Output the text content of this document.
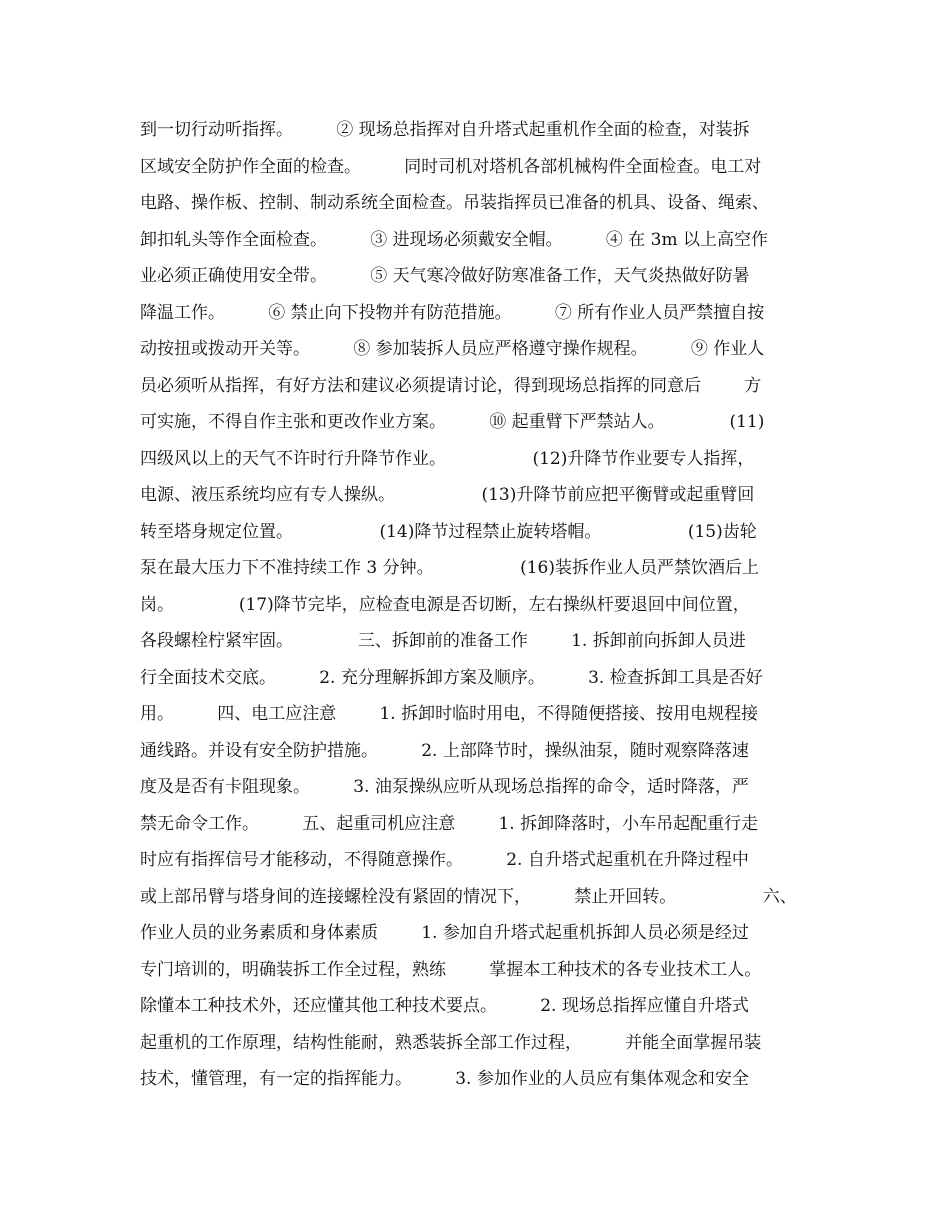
到一切行动听指挥。        ② 现场总指挥对自升塔式起重机作全面的检查，对装拆
区域安全防护作全面的检查。        同时司机对塔机各部机械构件全面检查。电工对
电路、操作板、控制、制动系统全面检查。吊装指挥员已准备的机具、设备、绳索、
卸扣轧头等作全面检查。        ③ 进现场必须戴安全帽。        ④ 在 3m 以上高空作
业必须正确使用安全带。        ⑤ 天气寒冷做好防寒准备工作，天气炎热做好防暑
降温工作。        ⑥ 禁止向下投物并有防范措施。        ⑦ 所有作业人员严禁擅自按
动按扭或拨动开关等。        ⑧ 参加装拆人员应严格遵守操作规程。        ⑨ 作业人
员必须听从指挥，有好方法和建议必须提请讨论，得到现场总指挥的同意后        方
可实施，不得自作主张和更改作业方案。        ⑩ 起重臂下严禁站人。            (11)
四级风以上的天气不许时行升降节作业。                (12)升降节作业要专人指挥，
电源、液压系统均应有专人操纵。                (13)升降节前应把平衡臂或起重臂回
转至塔身规定位置。                (14)降节过程禁止旋转塔帽。                (15)齿轮
泵在最大压力下不准持续工作 3 分钟。                (16)装拆作业人员严禁饮酒后上
岗。            (17)降节完毕，应检查电源是否切断，左右操纵杆要退回中间位置，
各段螺栓柠紧牢固。            三、拆卸前的准备工作        1. 拆卸前向拆卸人员进
行全面技术交底。        2. 充分理解拆卸方案及顺序。        3. 检查拆卸工具是否好
用。        四、电工应注意        1. 拆卸时临时用电，不得随便搭接、按用电规程接
通线路。并设有安全防护措施。        2. 上部降节时，操纵油泵，随时观察降落速
度及是否有卡阻现象。        3. 油泵操纵应听从现场总指挥的命令，适时降落，严
禁无命令工作。        五、起重司机应注意        1. 拆卸降落时，小车吊起配重行走
时应有指挥信号才能移动，不得随意操作。        2. 自升塔式起重机在升降过程中
或上部吊臂与塔身间的连接螺栓没有紧固的情况下，        禁止开回转。                六、
作业人员的业务素质和身体素质        1. 参加自升塔式起重机拆卸人员必须是经过
专门培训的，明确装拆工作全过程，熟练        掌握本工种技术的各专业技术工人。
除懂本工种技术外，还应懂其他工种技术要点。        2. 现场总指挥应懂自升塔式
起重机的工作原理，结构性能耐，熟悉装拆全部工作过程，        并能全面掌握吊装
技术，懂管理，有一定的指挥能力。        3. 参加作业的人员应有集体观念和安全
